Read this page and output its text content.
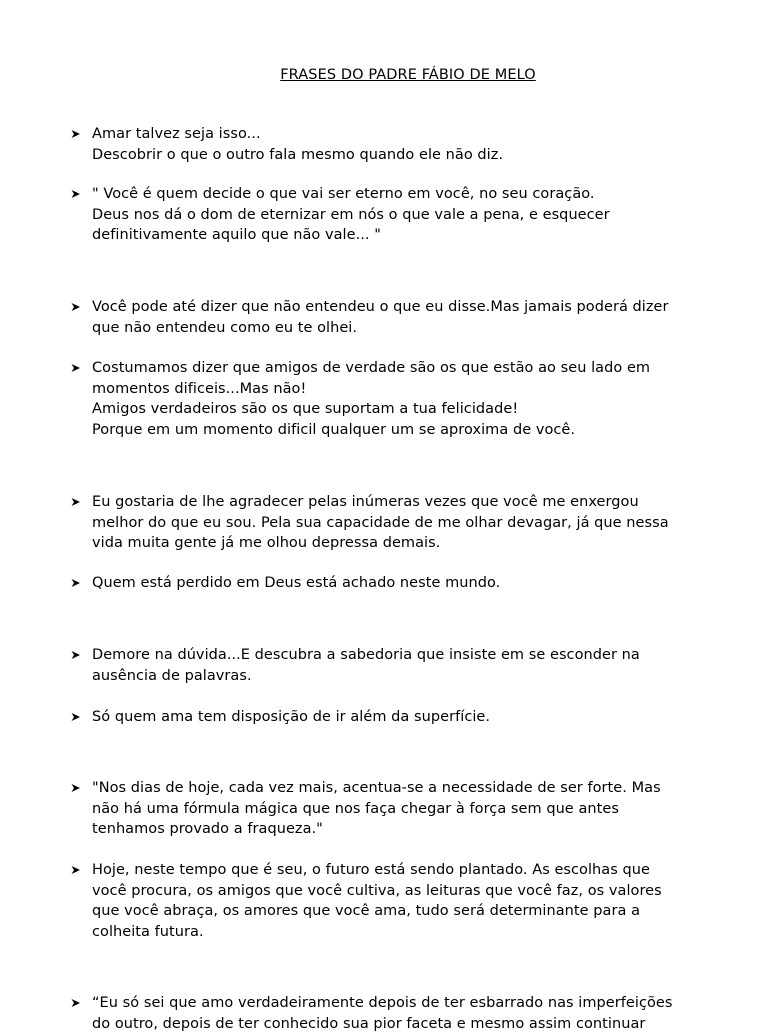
FRASES DO PADRE FÁBIO DE MELO
Amar talvez seja isso...
Descobrir o que o outro fala mesmo quando ele não diz.
" Você é quem decide o que vai ser eterno em você, no seu coração.
Deus nos dá o dom de eternizar em nós o que vale a pena, e esquecer
definitivamente aquilo que não vale... "
Você pode até dizer que não entendeu o que eu disse.Mas jamais poderá dizer
que não entendeu como eu te olhei.
Costumamos dizer que amigos de verdade são os que estão ao seu lado em
momentos dificeis...Mas não!
Amigos verdadeiros são os que suportam a tua felicidade!
Porque em um momento dificil qualquer um se aproxima de você.
Eu gostaria de lhe agradecer pelas inúmeras vezes que você me enxergou
melhor do que eu sou. Pela sua capacidade de me olhar devagar, já que nessa
vida muita gente já me olhou depressa demais.
Quem está perdido em Deus está achado neste mundo.
Demore na dúvida...E descubra a sabedoria que insiste em se esconder na
ausência de palavras.
Só quem ama tem disposição de ir além da superfície.
"Nos dias de hoje, cada vez mais, acentua-se a necessidade de ser forte. Mas
não há uma fórmula mágica que nos faça chegar à força sem que antes
tenhamos provado a fraqueza."
Hoje, neste tempo que é seu, o futuro está sendo plantado. As escolhas que
você procura, os amigos que você cultiva, as leituras que você faz, os valores
que você abraça, os amores que você ama, tudo será determinante para a
colheita futura.
“Eu só sei que amo verdadeiramente depois de ter esbarrado nas imperfeições
do outro, depois de ter conhecido sua pior faceta e mesmo assim continuar
